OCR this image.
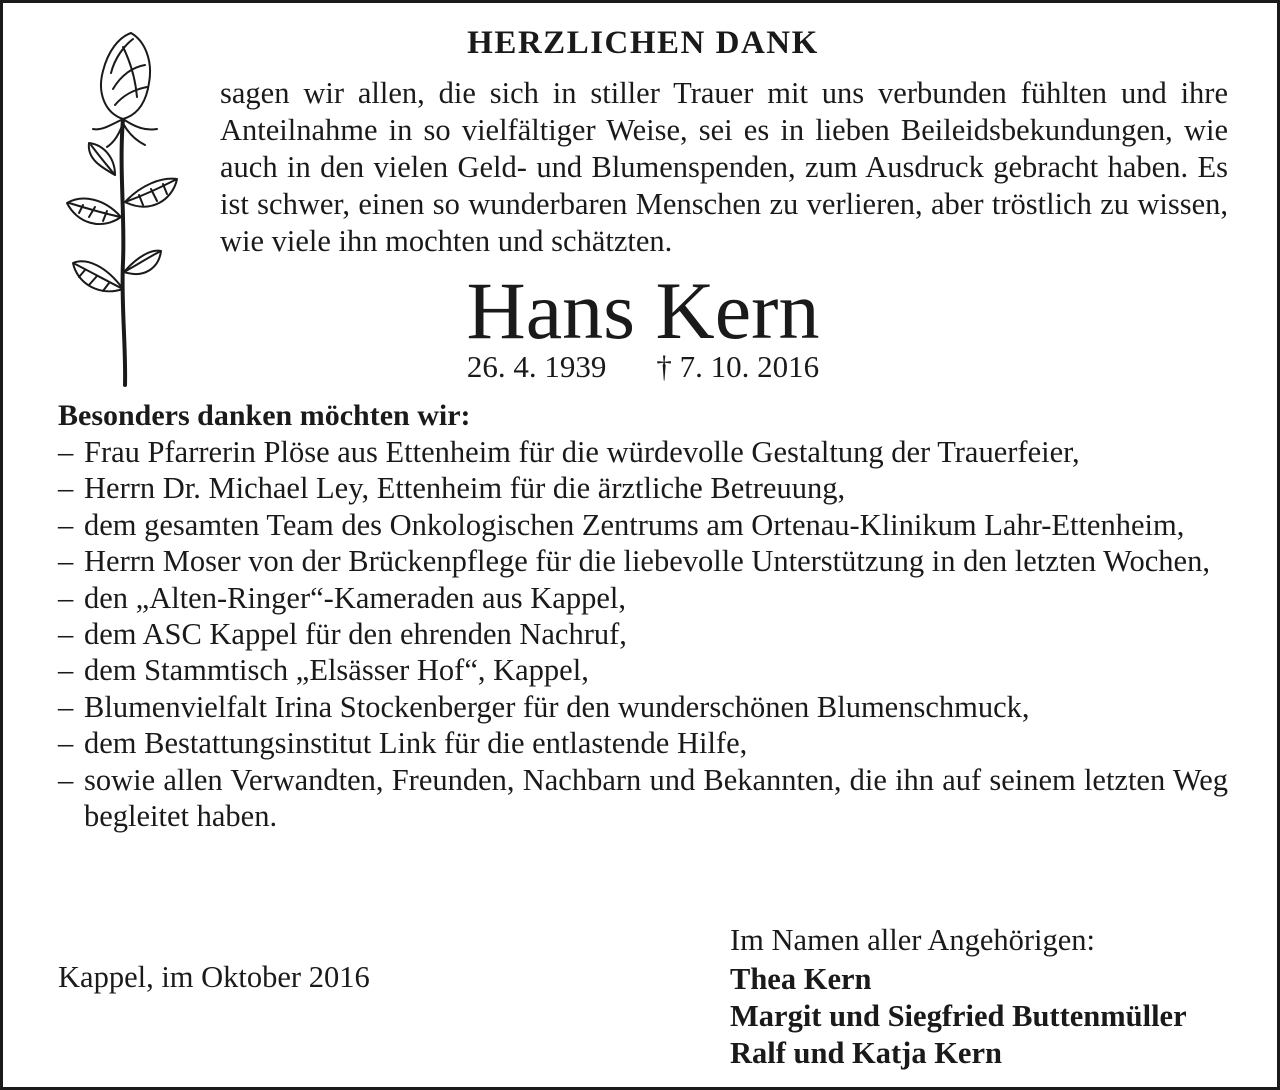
HERZLICHEN DANK
sagen wir allen, die sich in stiller Trauer mit uns verbunden fühlten und ihre Anteilnahme in so vielfältiger Weise, sei es in lieben Beileidsbekundungen, wie auch in den vielen Geld- und Blumenspenden, zum Ausdruck gebracht haben. Es ist schwer, einen so wunderbaren Menschen zu verlieren, aber tröstlich zu wissen, wie viele ihn mochten und schätzten.
Hans Kern
26. 4. 1939 † 7. 10. 2016
Besonders danken möchten wir:
– Frau Pfarrerin Plöse aus Ettenheim für die würdevolle Gestaltung der Trauerfeier,
– Herrn Dr. Michael Ley, Ettenheim für die ärztliche Betreuung,
– dem gesamten Team des Onkologischen Zentrums am Ortenau-Klinikum Lahr-Ettenheim,
– Herrn Moser von der Brückenpflege für die liebevolle Unterstützung in den letzten Wochen,
– den „Alten-Ringer“-Kameraden aus Kappel,
– dem ASC Kappel für den ehrenden Nachruf,
– dem Stammtisch „Elsässer Hof“, Kappel,
– Blumenvielfalt Irina Stockenberger für den wunderschönen Blumenschmuck,
– dem Bestattungsinstitut Link für die entlastende Hilfe,
– sowie allen Verwandten, Freunden, Nachbarn und Bekannten, die ihn auf seinem letzten Weg begleitet haben.
Im Namen aller Angehörigen:
Kappel, im Oktober 2016	Thea Kern
Margit und Siegfried Buttenmüller
Ralf und Katja Kern
